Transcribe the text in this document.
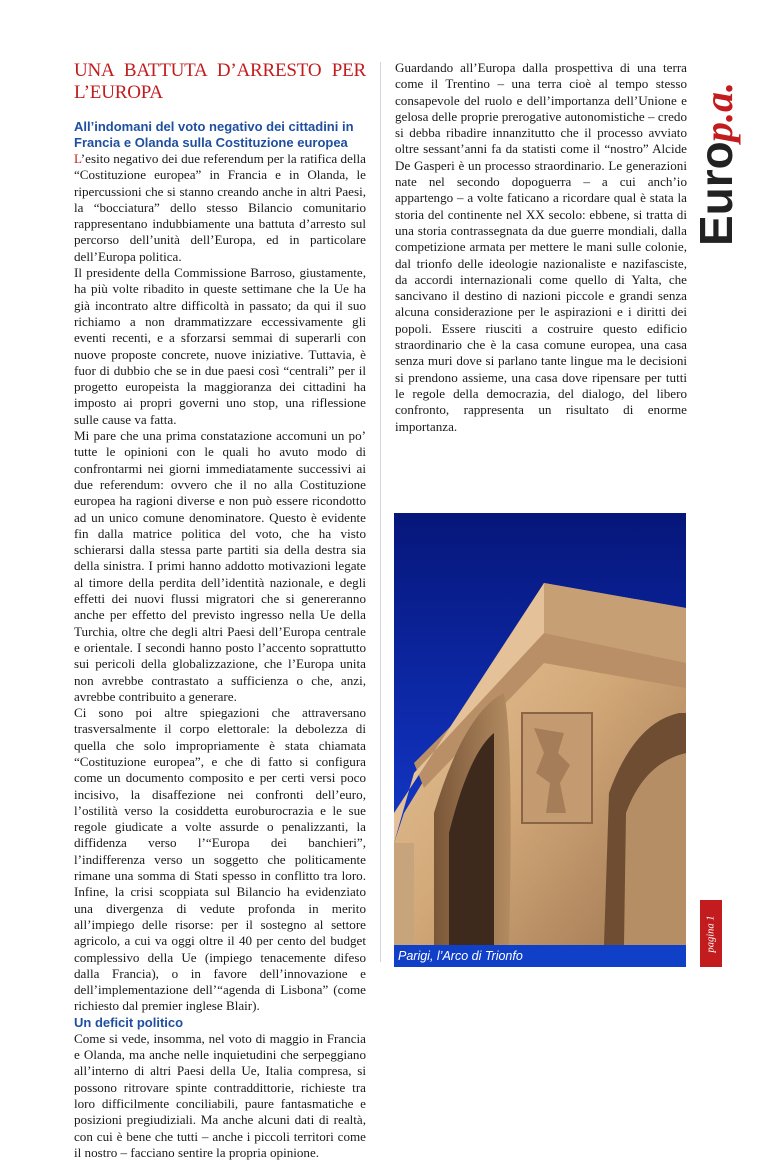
UNA BATTUTA D’ARRESTO PER L’EUROPA

All’indomani del voto negativo dei cittadini in Francia e Olanda sulla Costituzione europea

L’esito negativo dei due referendum per la ratifica della “Costituzione europea” in Francia e in Olanda, le ripercussioni che si stanno creando anche in altri Paesi, la “bocciatura” dello stesso Bilancio comunitario rappresentano indubbiamente una battuta d’arresto sul percorso dell’unità dell’Europa, ed in particolare dell’Europa politica.

Il presidente della Commissione Barroso, giustamente, ha più volte ribadito in queste settimane che la Ue ha già incontrato altre difficoltà in passato; da qui il suo richiamo a non drammatizzare eccessivamente gli eventi recenti, e a sforzarsi semmai di superarli con nuove proposte concrete, nuove iniziative. Tuttavia, è fuor di dubbio che se in due paesi così “centrali” per il progetto europeista la maggioranza dei cittadini ha imposto ai propri governi uno stop, una riflessione sulle cause va fatta.

Mi pare che una prima constatazione accomuni un po’ tutte le opinioni con le quali ho avuto modo di confrontarmi nei giorni immediatamente successivi ai due referendum: ovvero che il no alla Costituzione europea ha ragioni diverse e non può essere ricondotto ad un unico comune denominatore. Questo è evidente fin dalla matrice politica del voto, che ha visto schierarsi dalla stessa parte partiti sia della destra sia della sinistra. I primi hanno addotto motivazioni legate al timore della perdita dell’identità nazionale, e degli effetti dei nuovi flussi migratori che si genereranno anche per effetto del previsto ingresso nella Ue della Turchia, oltre che degli altri Paesi dell’Europa centrale e orientale. I secondi hanno posto l’accento soprattutto sui pericoli della globalizzazione, che l’Europa unita non avrebbe contrastato a sufficienza o che, anzi, avrebbe contribuito a generare.

Ci sono poi altre spiegazioni che attraversano trasversalmente il corpo elettorale: la debolezza di quella che solo impropriamente è stata chiamata “Costituzione europea”, e che di fatto si configura come un documento composito e per certi versi poco incisivo, la disaffezione nei confronti dell’euro, l’ostilità verso la cosiddetta euroburocrazia e le sue regole giudicate a volte assurde o penalizzanti, la diffidenza verso l’“Europa dei banchieri”, l’indifferenza verso un soggetto che politicamente rimane una somma di Stati spesso in conflitto tra loro. Infine, la crisi scoppiata sul Bilancio ha evidenziato una divergenza di vedute profonda in merito all’impiego delle risorse: per il sostegno al settore agricolo, a cui va oggi oltre il 40 per cento del budget complessivo della Ue (impiego tenacemente difeso dalla Francia), o in favore dell’innovazione e dell’implementazione dell’“agenda di Lisbona” (come richiesto dal premier inglese Blair).

Un deficit politico

Come si vede, insomma, nel voto di maggio in Francia e Olanda, ma anche nelle inquietudini che serpeggiano all’interno di altri Paesi della Ue, Italia compresa, si possono ritrovare spinte contraddittorie, richieste tra loro difficilmente conciliabili, paure fantasmatiche e posizioni pregiudiziali. Ma anche alcuni dati di realtà, con cui è bene che tutti – anche i piccoli territori come il nostro – facciano sentire la propria opinione.

Guardando all’Europa dalla prospettiva di una terra come il Trentino – una terra cioè al tempo stesso consapevole del ruolo e dell’importanza dell’Unione e gelosa delle proprie prerogative autonomistiche – credo si debba ribadire innanzitutto che il processo avviato oltre sessant’anni fa da statisti come il “nostro” Alcide De Gasperi è un processo straordinario. Le generazioni nate nel secondo dopoguerra – a cui anch’io appartengo – a volte faticano a ricordare qual è stata la storia del continente nel XX secolo: ebbene, si tratta di una storia contrassegnata da due guerre mondiali, dalla competizione armata per mettere le mani sulle colonie, dal trionfo delle ideologie nazionaliste e nazifasciste, da accordi internazionali come quello di Yalta, che sancivano il destino di nazioni piccole e grandi senza alcuna considerazione per le aspirazioni e i diritti dei popoli. Essere riusciti a costruire questo edificio straordinario che è la casa comune europea, una casa senza muri dove si parlano tante lingue ma le decisioni si prendono assieme, una casa dove ripensare per tutti le regole della democrazia, del dialogo, del libero confronto, rappresenta un risultato di enorme importanza.

Parigi, l’Arco di Trionfo
Euro
p.a.
pagina 1
